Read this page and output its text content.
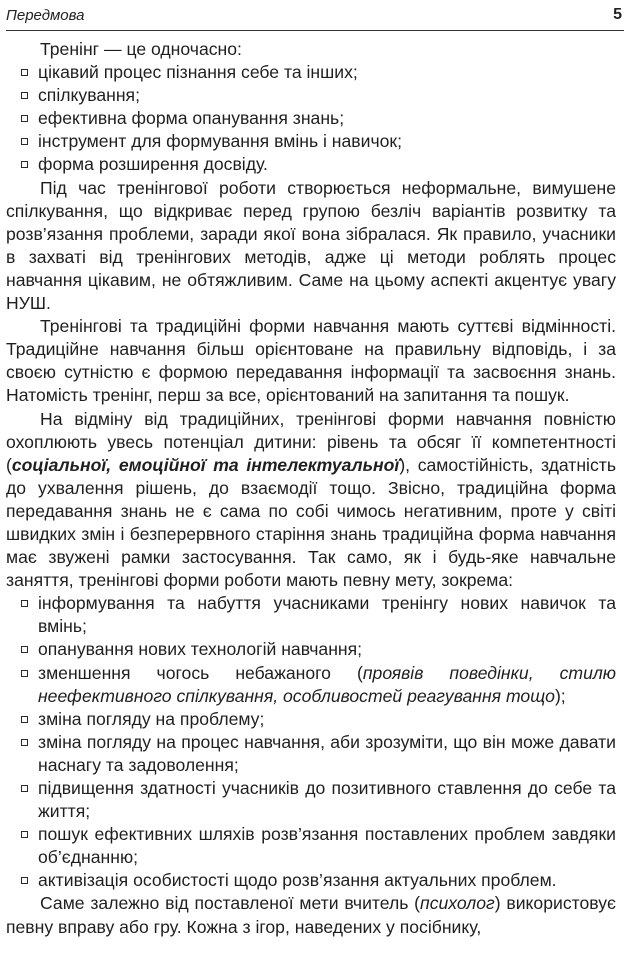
Передмова	5

Тренінг — це одночасно:

цікавий процес пізнання себе та інших;
спілкування;
ефективна форма опанування знань;
інструмент для формування вмінь і навичок;
форма розширення досвіду.

Під час тренінгової роботи створюється неформальне, вимушене спілкування, що відкриває перед групою безліч варіантів розвитку та розв’язання проблеми, заради якої вона зібралася. Як правило, учасники в захваті від тренінгових методів, адже ці методи роблять процес навчання цікавим, не обтяжливим. Саме на цьому аспекті акцентує увагу НУШ.

Тренінгові та традиційні форми навчання мають суттєві відмінності. Традиційне навчання більш орієнтоване на правильну відповідь, і за своєю сутністю є формою передавання інформації та засвоєння знань. Натомість тренінг, перш за все, орієнтований на запитання та пошук.

На відміну від традиційних, тренінгові форми навчання повністю охоплюють увесь потенціал дитини: рівень та обсяг її компетентності (соціальної, емоційної та інтелектуальної), самостійність, здатність до ухвалення рішень, до взаємодії тощо. Звісно, традиційна форма передавання знань не є сама по собі чимось негативним, проте у світі швидких змін і безперервного старіння знань традиційна форма навчання має звужені рамки застосування. Так само, як і будь-яке навчальне заняття, тренінгові форми роботи мають певну мету, зокрема:

інформування та набуття учасниками тренінгу нових навичок та вмінь;
опанування нових технологій навчання;
зменшення чогось небажаного (проявів поведінки, стилю неефективного спілкування, особливостей реагування тощо);
зміна погляду на проблему;
зміна погляду на процес навчання, аби зрозуміти, що він може давати наснагу та задоволення;
підвищення здатності учасників до позитивного ставлення до себе та життя;
пошук ефективних шляхів розв’язання поставлених проблем завдяки об’єднанню;
активізація особистості щодо розв’язання актуальних проблем.

Саме залежно від поставленої мети вчитель (психолог) використовує певну вправу або гру. Кожна з ігор, наведених у посібнику,
